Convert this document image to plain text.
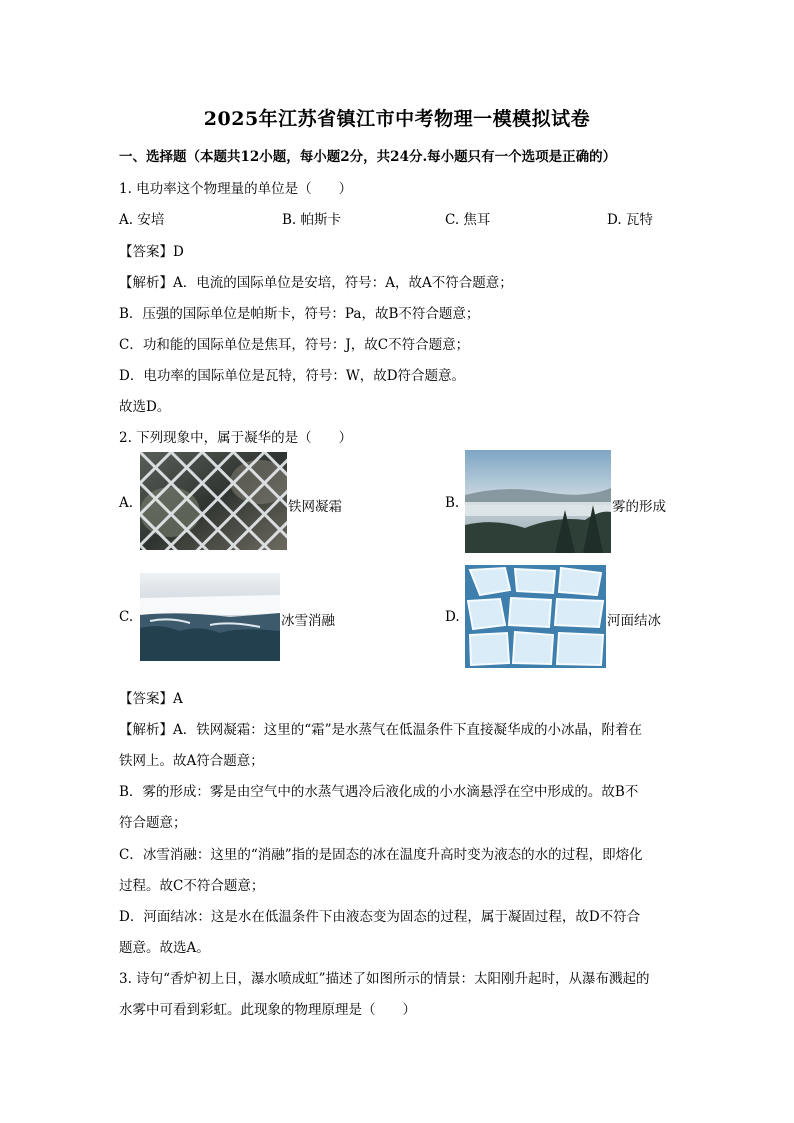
2025年江苏省镇江市中考物理一模模拟试卷
一、选择题（本题共12小题，每小题2分，共24分.每小题只有一个选项是正确的）
1. 电功率这个物理量的单位是（　　）
A. 安培	B. 帕斯卡	C. 焦耳	D. 瓦特
【答案】D
【解析】A．电流的国际单位是安培，符号：A，故A不符合题意；
B．压强的国际单位是帕斯卡，符号：Pa，故B不符合题意；
C．功和能的国际单位是焦耳，符号：J，故C不符合题意；
D．电功率的国际单位是瓦特，符号：W，故D符合题意。
故选D。
2. 下列现象中，属于凝华的是（　　）
A.	铁网凝霜	B.	雾的形成
C.	冰雪消融	D.	河面结冰
【答案】A
【解析】A．铁网凝霜：这里的“霜”是水蒸气在低温条件下直接凝华成的小冰晶，附着在
铁网上。故A符合题意；
B．雾的形成：雾是由空气中的水蒸气遇冷后液化成的小水滴悬浮在空中形成的。故B不
符合题意；
C．冰雪消融：这里的“消融”指的是固态的冰在温度升高时变为液态的水的过程，即熔化
过程。故C不符合题意；
D．河面结冰：这是水在低温条件下由液态变为固态的过程，属于凝固过程，故D不符合
题意。故选A。
3. 诗句“香炉初上日，瀑水喷成虹”描述了如图所示的情景：太阳刚升起时，从瀑布溅起的
水雾中可看到彩虹。此现象的物理原理是（　　）
